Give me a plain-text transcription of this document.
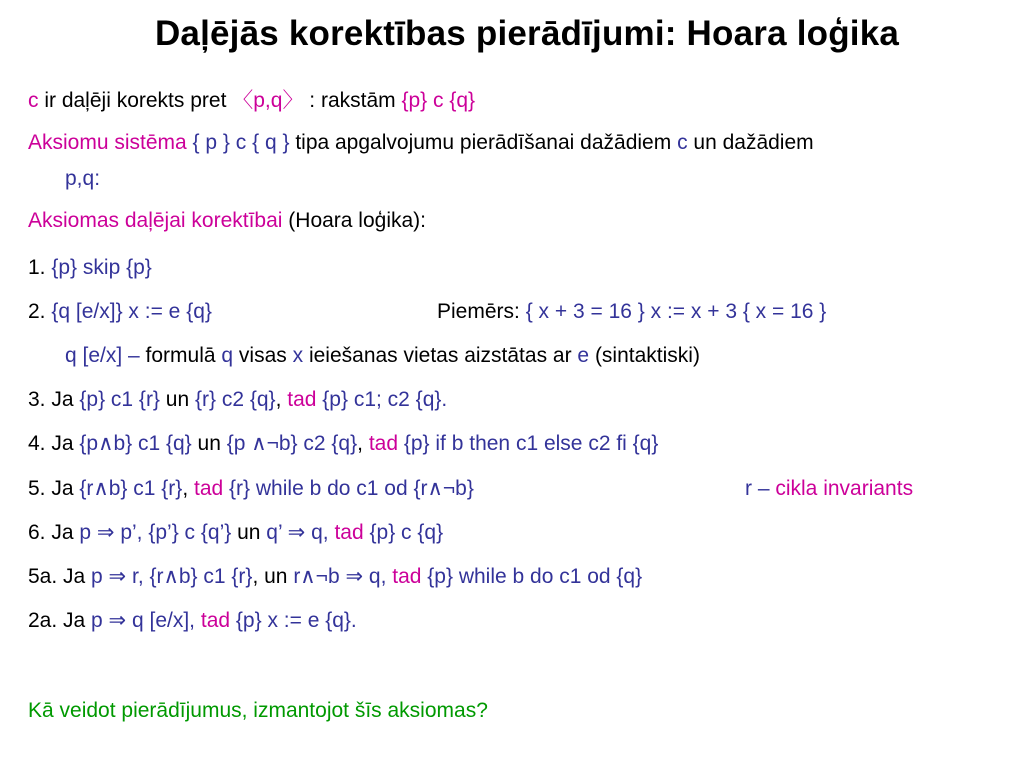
Daļējās korektības pierādījumi: Hoara loģika
c ir daļēji korekts pret 〈p,q〉 : rakstām {p} c {q}
Aksiomu sistēma { p } c { q } tipa apgalvojumu pierādīšanai dažādiem c un dažādiem
p,q:
Aksiomas daļējai korektībai (Hoara loģika):
1. {p} skip {p}
2. {q [e/x]} x := e {q}	Piemērs: { x + 3 = 16 } x := x + 3 { x = 16 }
q [e/x] – formulā q visas x ieiešanas vietas aizstātas ar e (sintaktiski)
3. Ja {p} c1 {r} un {r} c2 {q}, tad {p} c1; c2 {q}.
4. Ja {p∧b} c1 {q} un {p ∧¬b} c2 {q}, tad {p} if b then c1 else c2 fi {q}
5. Ja {r∧b} c1 {r}, tad {r} while b do c1 od {r∧¬b}	r – cikla invariants
6. Ja p ⇒ p’, {p’} c {q’} un q’ ⇒ q, tad {p} c {q}
5a. Ja p ⇒ r, {r∧b} c1 {r}, un r∧¬b ⇒ q, tad {p} while b do c1 od {q}
2a. Ja p ⇒ q [e/x], tad {p} x := e {q}.
Kā veidot pierādījumus, izmantojot šīs aksiomas?
